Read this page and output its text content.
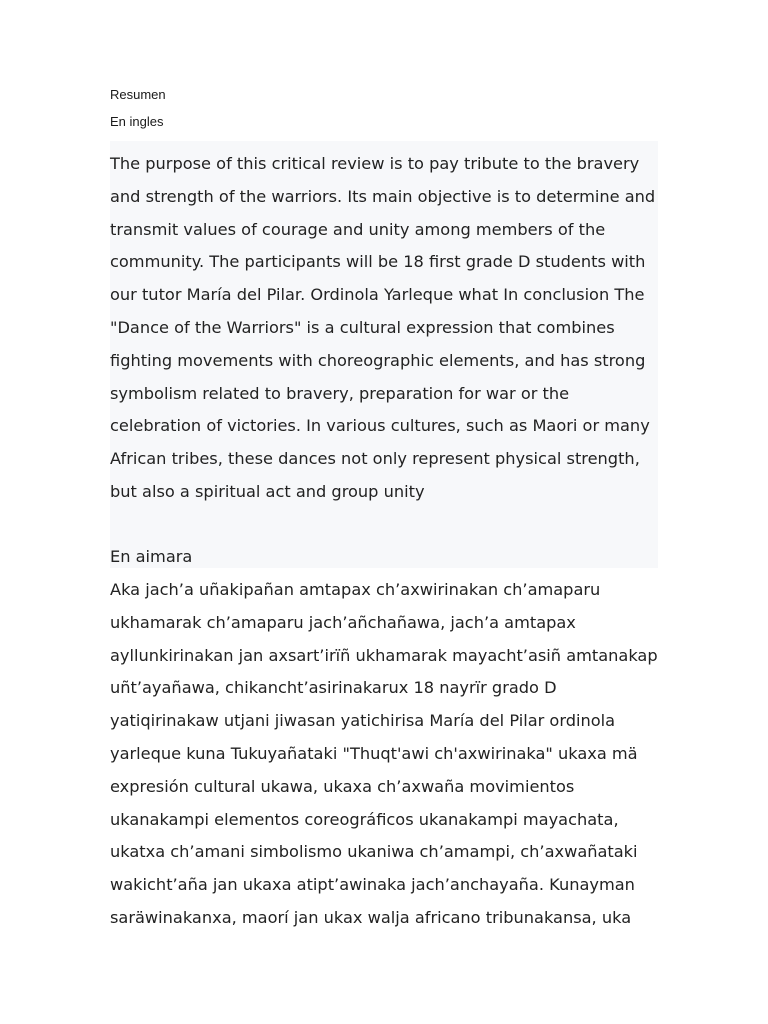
Resumen
En ingles
The purpose of this critical review is to pay tribute to the bravery and strength of the warriors. Its main objective is to determine and transmit values of courage and unity among members of the community. The participants will be 18 first grade D students with our tutor María del Pilar. Ordinola Yarleque what In conclusion The "Dance of the Warriors" is a cultural expression that combines fighting movements with choreographic elements, and has strong symbolism related to bravery, preparation for war or the celebration of victories. In various cultures, such as Maori or many African tribes, these dances not only represent physical strength, but also a spiritual act and group unity
En aimara
Aka jach’a uñakipañan amtapax ch’axwirinakan ch’amaparu ukhamarak ch’amaparu jach’añchañawa, jach’a amtapax ayllunkirinakan jan axsart’irïñ ukhamarak mayacht’asiñ amtanakap uñt’ayañawa, chikancht’asirinakarux 18 nayrïr grado D yatiqirinakaw utjani jiwasan yatichirisa María del Pilar ordinola yarleque kuna Tukuyañataki "Thuqt'awi ch'axwirinaka" ukaxa mä expresión cultural ukawa, ukaxa ch’axwaña movimientos ukanakampi elementos coreográficos ukanakampi mayachata, ukatxa ch’amani simbolismo ukaniwa ch’amampi, ch’axwañataki wakicht’aña jan ukaxa atipt’awinaka jach’anchayaña. Kunayman saräwinakanxa, maorí jan ukax walja africano tribunakansa, uka
